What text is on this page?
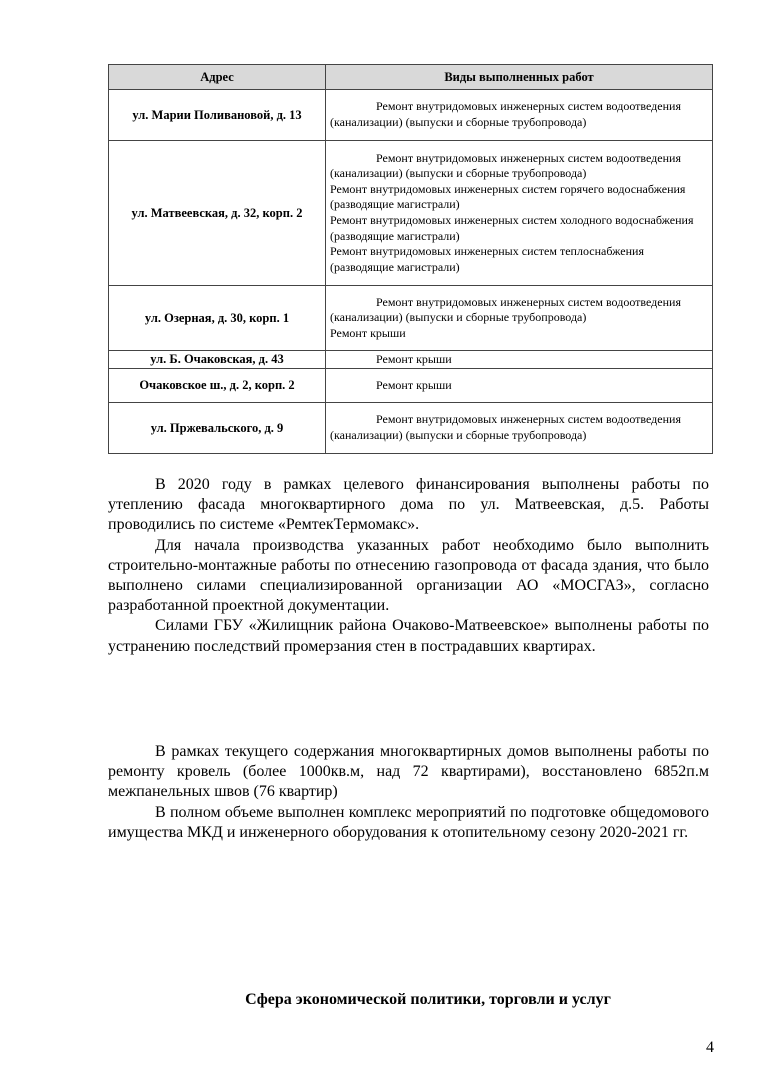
Адрес	Виды выполненных работ
ул. Марии Поливановой, д. 13	Ремонт внутридомовых инженерных систем водоотведения (канализации) (выпуски и сборные трубопровода)

ул. Матвеевская, д. 32, корп. 2	Ремонт внутридомовых инженерных систем водоотведения (канализации) (выпуски и сборные трубопровода)
Ремонт внутридомовых инженерных систем горячего водоснабжения (разводящие магистрали)
Ремонт внутридомовых инженерных систем холодного водоснабжения (разводящие магистрали)
Ремонт внутридомовых инженерных систем теплоснабжения (разводящие магистрали)

ул. Озерная, д. 30, корп. 1	Ремонт внутридомовых инженерных систем водоотведения (канализации) (выпуски и сборные трубопровода)
Ремонт крыши

ул. Б. Очаковская, д. 43	Ремонт крыши

Очаковское ш., д. 2, корп. 2	Ремонт крыши

ул. Пржевальского, д. 9	Ремонт внутридомовых инженерных систем водоотведения (канализации) (выпуски и сборные трубопровода)

В 2020 году в рамках целевого финансирования выполнены работы по утеплению фасада многоквартирного дома по ул. Матвеевская, д.5. Работы проводились по системе «РемтекТермомакс».

Для начала производства указанных работ необходимо было выполнить строительно-монтажные работы по отнесению газопровода от фасада здания, что было выполнено силами специализированной организации АО «МОСГАЗ», согласно разработанной проектной документации.

Силами ГБУ «Жилищник района Очаково-Матвеевское» выполнены работы по устранению последствий промерзания стен в пострадавших квартирах.

В рамках текущего содержания многоквартирных домов выполнены работы по ремонту кровель (более 1000кв.м, над 72 квартирами), восстановлено 6852п.м межпанельных швов (76 квартир)

В полном объеме выполнен комплекс мероприятий по подготовке общедомового имущества МКД и инженерного оборудования к отопительному сезону 2020-2021 гг.

Сфера экономической политики, торговли и услуг
4
